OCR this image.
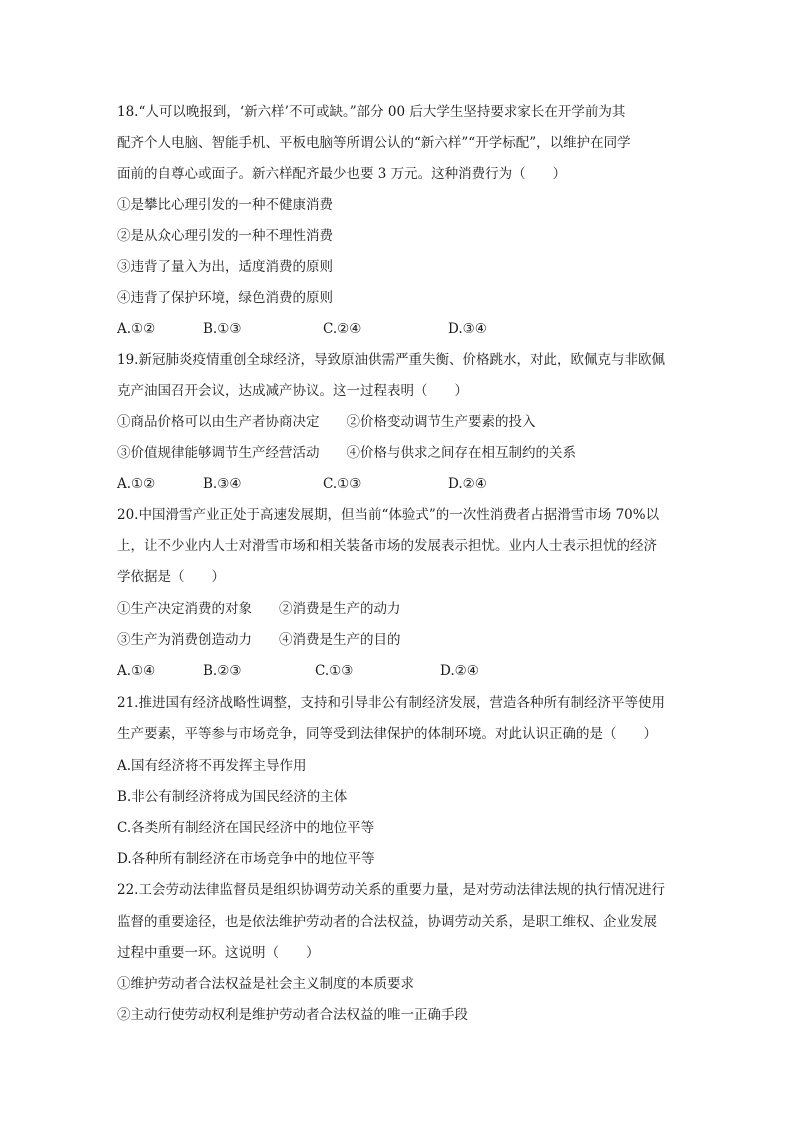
18.“人可以晚报到，‘新六样’不可或缺。”部分 00 后大学生坚持要求家长在开学前为其
配齐个人电脑、智能手机、平板电脑等所谓公认的“新六样”“开学标配”，以维护在同学
面前的自尊心或面子。新六样配齐最少也要 3 万元。这种消费行为（　　）
①是攀比心理引发的一种不健康消费
②是从众心理引发的一种不理性消费
③违背了量入为出，适度消费的原则
④违背了保护环境，绿色消费的原则
A.①②	B.①③	C.②④	D.③④
19.新冠肺炎疫情重创全球经济，导致原油供需严重失衡、价格跳水，对此，欧佩克与非欧佩
克产油国召开会议，达成减产协议。这一过程表明（　　）
①商品价格可以由生产者协商决定　　②价格变动调节生产要素的投入
③价值规律能够调节生产经营活动　　④价格与供求之间存在相互制约的关系
A.①②	B.③④	C.①③	D.②④
20.中国滑雪产业正处于高速发展期，但当前“体验式”的一次性消费者占据滑雪市场 70%以
上，让不少业内人士对滑雪市场和相关装备市场的发展表示担忧。业内人士表示担忧的经济
学依据是（　　）
①生产决定消费的对象　　②消费是生产的动力
③生产为消费创造动力　　④消费是生产的目的
A.①④	B.②③	C.①③	D.②④
21.推进国有经济战略性调整，支持和引导非公有制经济发展，营造各种所有制经济平等使用
生产要素，平等参与市场竞争，同等受到法律保护的体制环境。对此认识正确的是（　　）
A.国有经济将不再发挥主导作用
B.非公有制经济将成为国民经济的主体
C.各类所有制经济在国民经济中的地位平等
D.各种所有制经济在市场竞争中的地位平等
22.工会劳动法律监督员是组织协调劳动关系的重要力量，是对劳动法律法规的执行情况进行
监督的重要途径，也是依法维护劳动者的合法权益，协调劳动关系，是职工维权、企业发展
过程中重要一环。这说明（　　）
①维护劳动者合法权益是社会主义制度的本质要求
②主动行使劳动权利是维护劳动者合法权益的唯一正确手段
